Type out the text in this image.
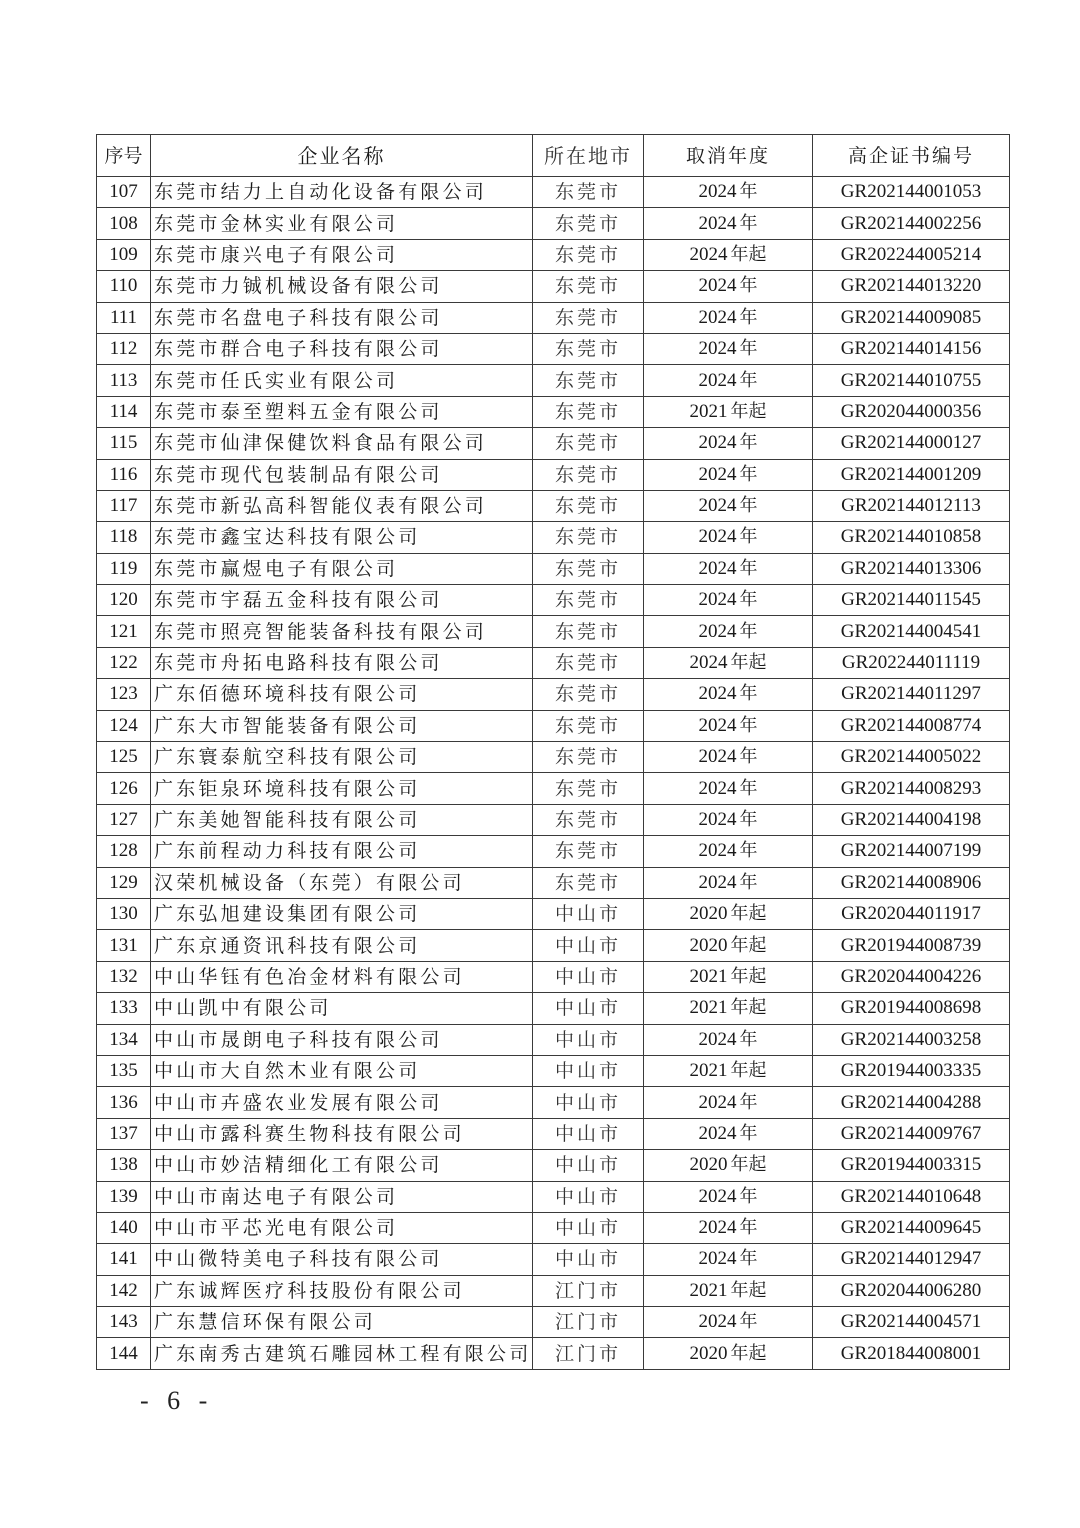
序号	企业名称	所在地市	取消年度	高企证书编号
107	东莞市结力上自动化设备有限公司	东莞市	2024 年	GR202144001053
108	东莞市金林实业有限公司	东莞市	2024 年	GR202144002256
109	东莞市康兴电子有限公司	东莞市	2024 年起	GR202244005214
110	东莞市力铖机械设备有限公司	东莞市	2024 年	GR202144013220
111	东莞市名盘电子科技有限公司	东莞市	2024 年	GR202144009085
112	东莞市群合电子科技有限公司	东莞市	2024 年	GR202144014156
113	东莞市任氏实业有限公司	东莞市	2024 年	GR202144010755
114	东莞市泰至塑料五金有限公司	东莞市	2021 年起	GR202044000356
115	东莞市仙津保健饮料食品有限公司	东莞市	2024 年	GR202144000127
116	东莞市现代包装制品有限公司	东莞市	2024 年	GR202144001209
117	东莞市新弘高科智能仪表有限公司	东莞市	2024 年	GR202144012113
118	东莞市鑫宝达科技有限公司	东莞市	2024 年	GR202144010858
119	东莞市赢煜电子有限公司	东莞市	2024 年	GR202144013306
120	东莞市宇磊五金科技有限公司	东莞市	2024 年	GR202144011545
121	东莞市照亮智能装备科技有限公司	东莞市	2024 年	GR202144004541
122	东莞市舟拓电路科技有限公司	东莞市	2024 年起	GR202244011119
123	广东佰德环境科技有限公司	东莞市	2024 年	GR202144011297
124	广东大市智能装备有限公司	东莞市	2024 年	GR202144008774
125	广东寰泰航空科技有限公司	东莞市	2024 年	GR202144005022
126	广东钜泉环境科技有限公司	东莞市	2024 年	GR202144008293
127	广东美她智能科技有限公司	东莞市	2024 年	GR202144004198
128	广东前程动力科技有限公司	东莞市	2024 年	GR202144007199
129	汉荣机械设备（东莞）有限公司	东莞市	2024 年	GR202144008906
130	广东弘旭建设集团有限公司	中山市	2020 年起	GR202044011917
131	广东京通资讯科技有限公司	中山市	2020 年起	GR201944008739
132	中山华钰有色冶金材料有限公司	中山市	2021 年起	GR202044004226
133	中山凯中有限公司	中山市	2021 年起	GR201944008698
134	中山市晟朗电子科技有限公司	中山市	2024 年	GR202144003258
135	中山市大自然木业有限公司	中山市	2021 年起	GR201944003335
136	中山市卉盛农业发展有限公司	中山市	2024 年	GR202144004288
137	中山市露科赛生物科技有限公司	中山市	2024 年	GR202144009767
138	中山市妙洁精细化工有限公司	中山市	2020 年起	GR201944003315
139	中山市南达电子有限公司	中山市	2024 年	GR202144010648
140	中山市平芯光电有限公司	中山市	2024 年	GR202144009645
141	中山微特美电子科技有限公司	中山市	2024 年	GR202144012947
142	广东诚辉医疗科技股份有限公司	江门市	2021 年起	GR202044006280
143	广东慧信环保有限公司	江门市	2024 年	GR202144004571
144	广东南秀古建筑石雕园林工程有限公司	江门市	2020 年起	GR201844008001
- 6 -
